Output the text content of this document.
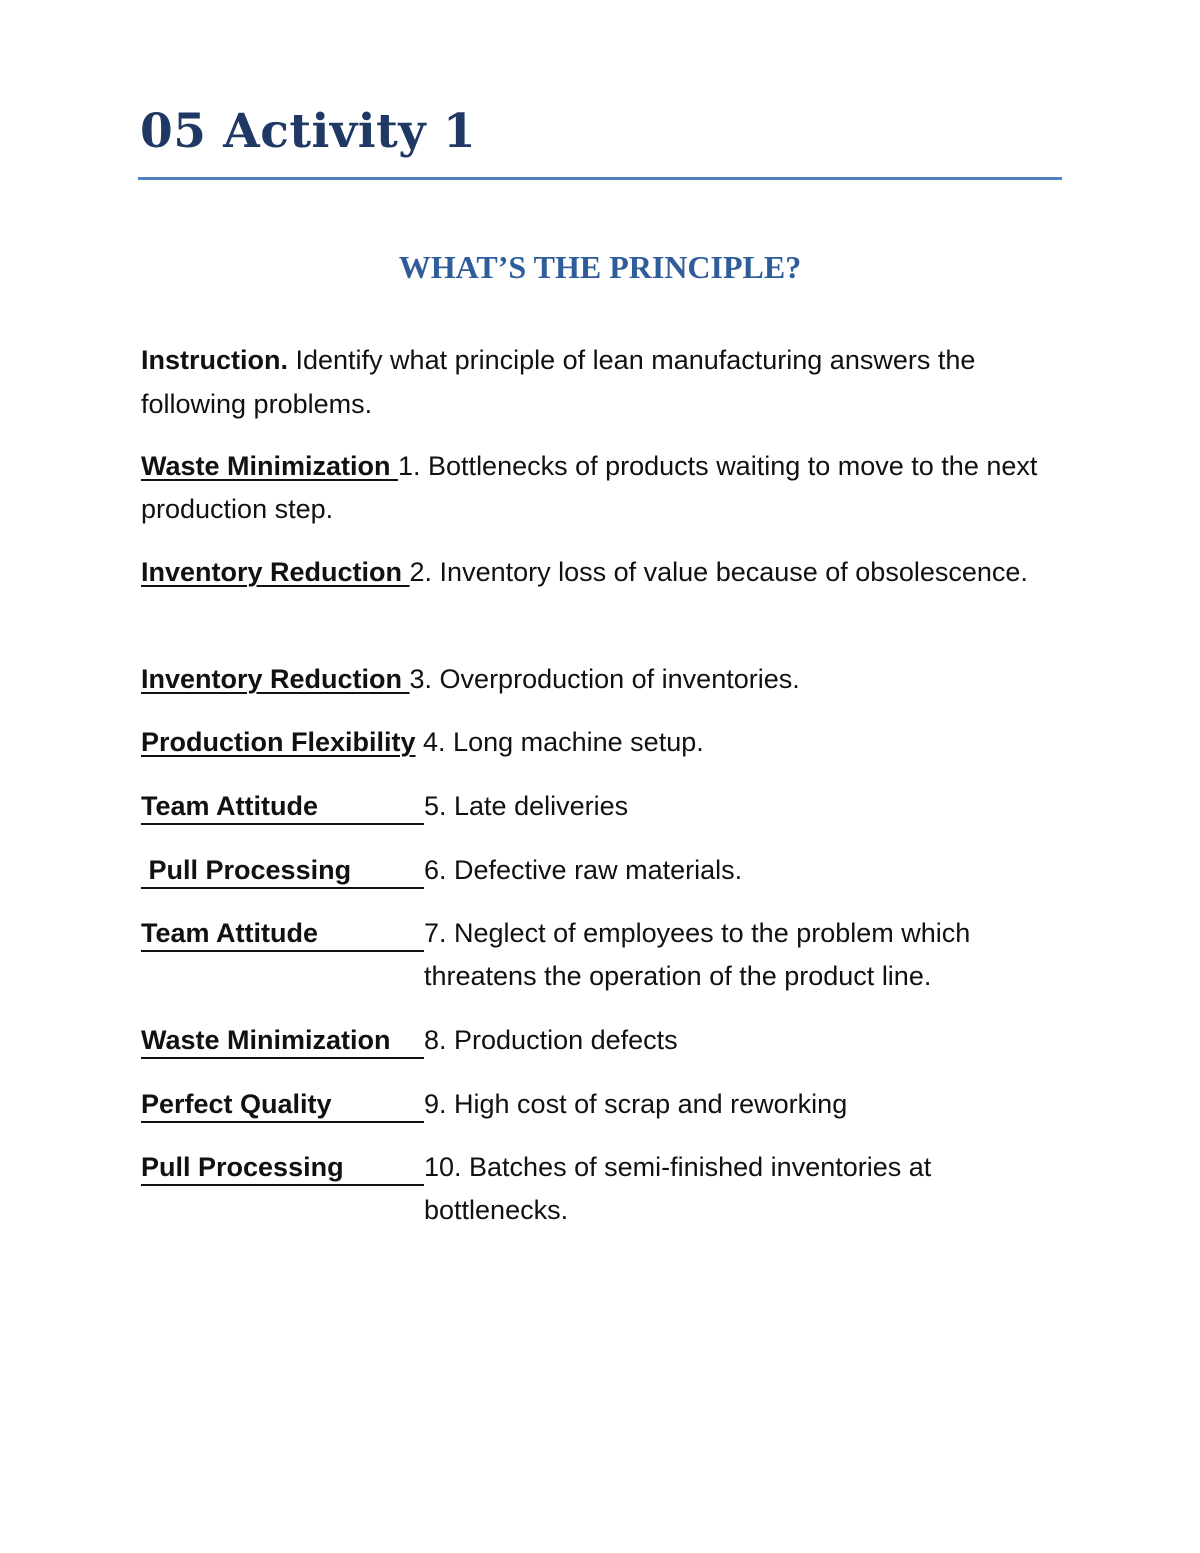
05 Activity 1
WHAT’S THE PRINCIPLE?
Instruction. Identify what principle of lean manufacturing answers the following problems.
Waste Minimization 1. Bottlenecks of products waiting to move to the next production step.
Inventory Reduction 2. Inventory loss of value because of obsolescence.
Inventory Reduction 3. Overproduction of inventories.
Production Flexibility 4. Long machine setup.
Team Attitude	5. Late deliveries
Pull Processing	6. Defective raw materials.
Team Attitude	7. Neglect of employees to the problem which threatens the operation of the product line.
Waste Minimization	8. Production defects
Perfect Quality	9. High cost of scrap and reworking
Pull Processing	10. Batches of semi-finished inventories at bottlenecks.
